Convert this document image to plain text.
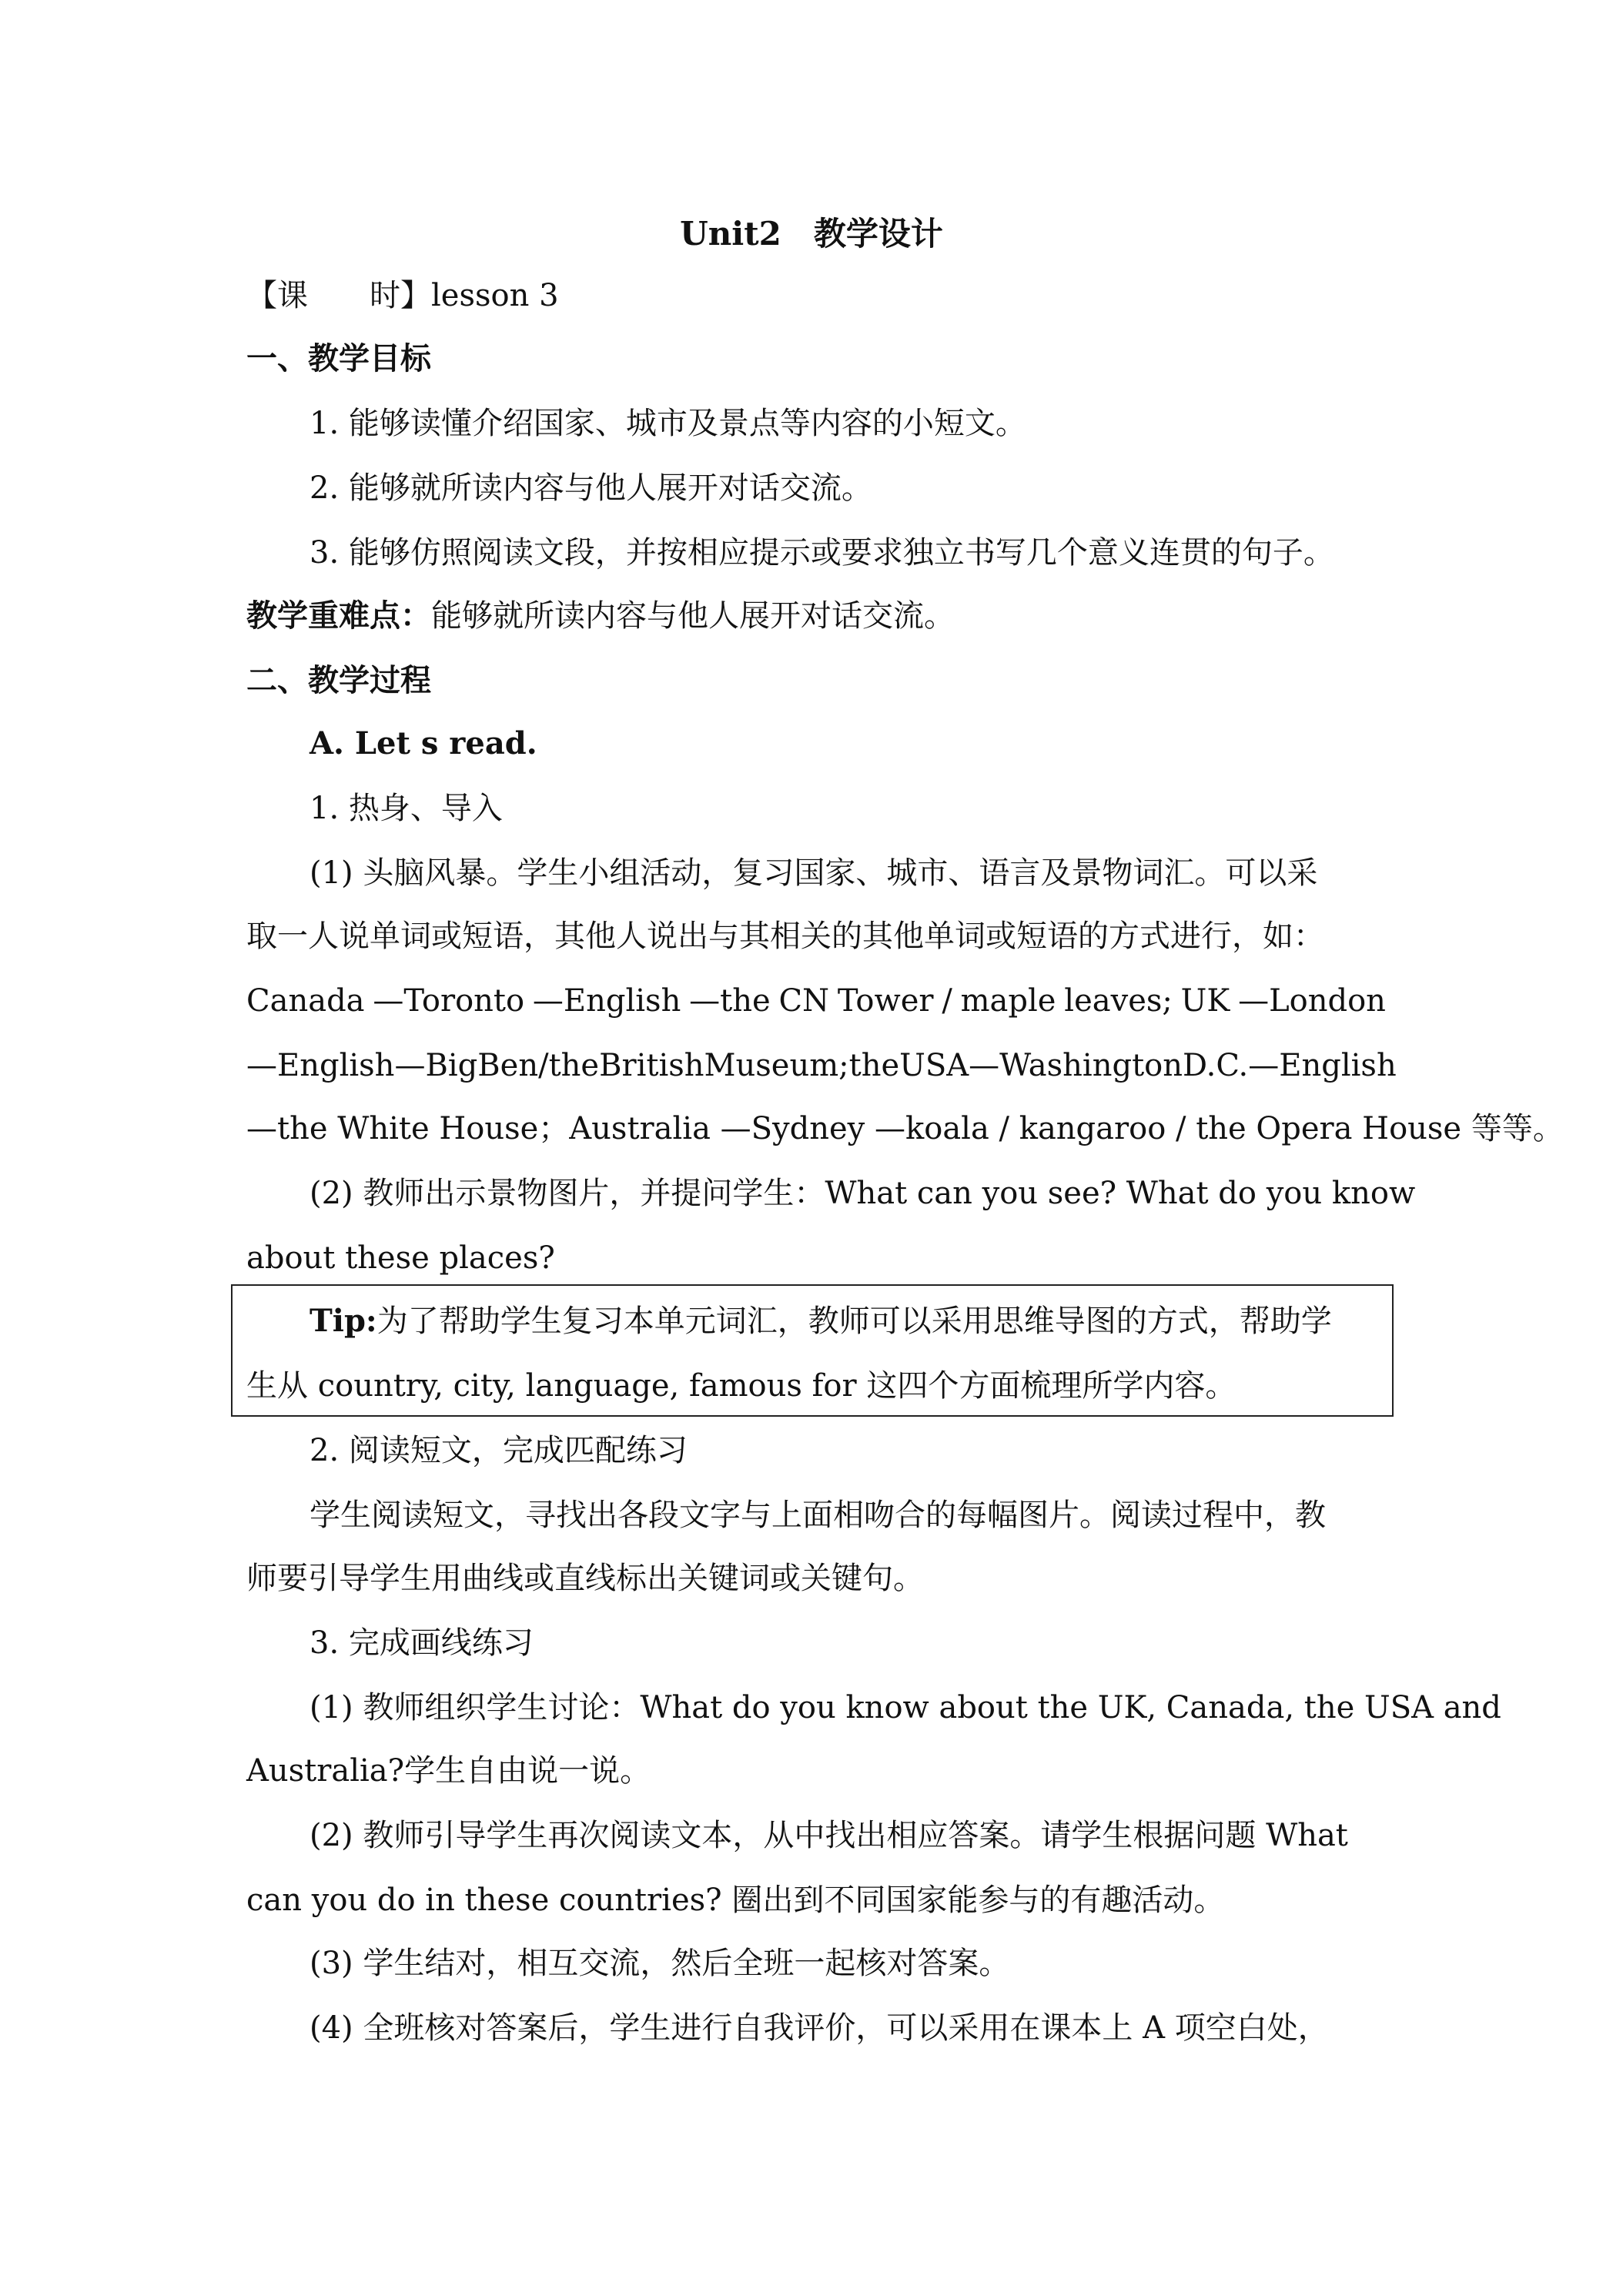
Unit2　教学设计
【课　　时】lesson 3
一、教学目标
1. 能够读懂介绍国家、城市及景点等内容的小短文。
2. 能够就所读内容与他人展开对话交流。
3. 能够仿照阅读文段，并按相应提示或要求独立书写几个意义连贯的句子。
教学重难点：能够就所读内容与他人展开对话交流。
二、教学过程
A. Let s read.
1. 热身、导入
(1) 头脑风暴。学生小组活动，复习国家、城市、语言及景物词汇。可以采
取一人说单词或短语，其他人说出与其相关的其他单词或短语的方式进行，如：
Canada —Toronto —English —the CN Tower / maple leaves; UK —London
—English —Big Ben / the British Museum; the USA —Washington D.C. —English
—the White House；Australia —Sydney —koala / kangaroo / the Opera House 等等。
(2) 教师出示景物图片，并提问学生：What can you see? What do you know
about these places?
Tip:为了帮助学生复习本单元词汇，教师可以采用思维导图的方式，帮助学
生从 country, city, language, famous for 这四个方面梳理所学内容。
2. 阅读短文，完成匹配练习
学生阅读短文，寻找出各段文字与上面相吻合的每幅图片。阅读过程中，教
师要引导学生用曲线或直线标出关键词或关键句。
3. 完成画线练习
(1) 教师组织学生讨论：What do you know about the UK, Canada, the USA and
Australia?学生自由说一说。
(2) 教师引导学生再次阅读文本，从中找出相应答案。请学生根据问题 What
can you do in these countries? 圈出到不同国家能参与的有趣活动。
(3) 学生结对，相互交流，然后全班一起核对答案。
(4) 全班核对答案后，学生进行自我评价，可以采用在课本上 A 项空白处，
